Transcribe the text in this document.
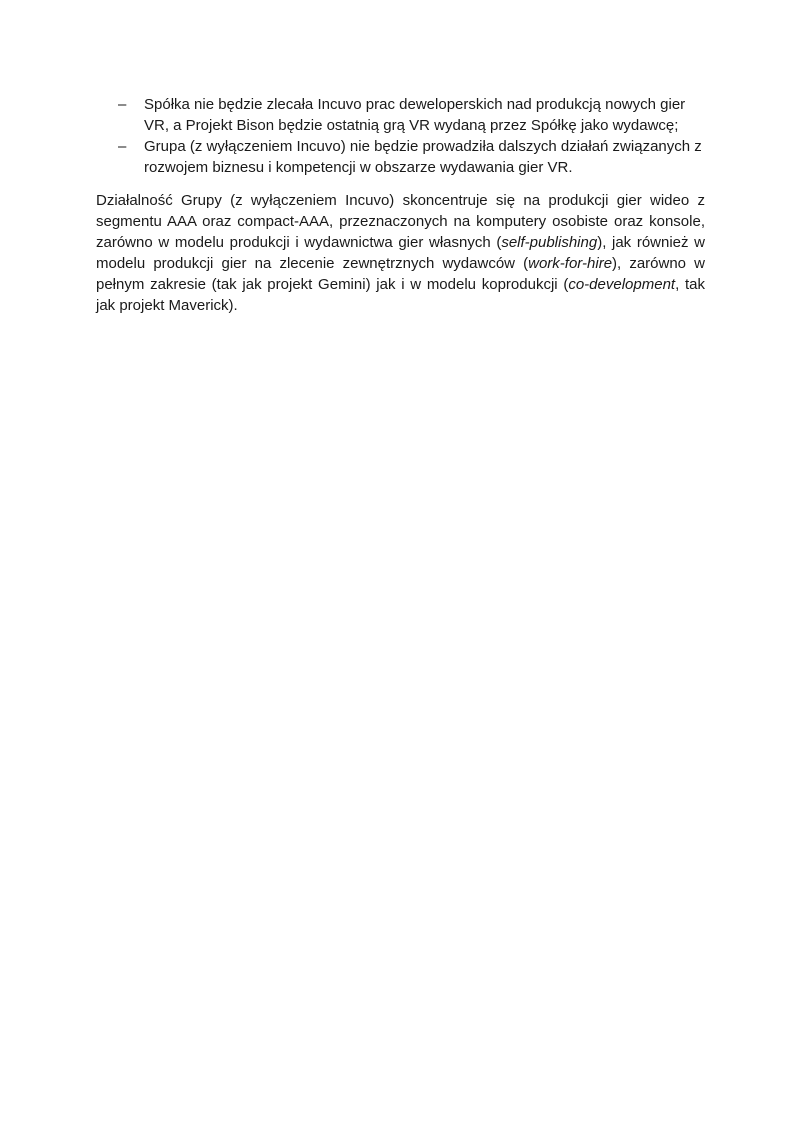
– Spółka nie będzie zlecała Incuvo prac deweloperskich nad produkcją nowych gier VR, a Projekt Bison będzie ostatnią grą VR wydaną przez Spółkę jako wydawcę;
– Grupa (z wyłączeniem Incuvo) nie będzie prowadziła dalszych działań związanych z rozwojem biznesu i kompetencji w obszarze wydawania gier VR.

Działalność Grupy (z wyłączeniem Incuvo) skoncentruje się na produkcji gier wideo z segmentu AAA oraz compact-AAA, przeznaczonych na komputery osobiste oraz konsole, zarówno w modelu produkcji i wydawnictwa gier własnych (self-publishing), jak również w modelu produkcji gier na zlecenie zewnętrznych wydawców (work-for-hire), zarówno w pełnym zakresie (tak jak projekt Gemini) jak i w modelu koprodukcji (co-development, tak jak projekt Maverick).
